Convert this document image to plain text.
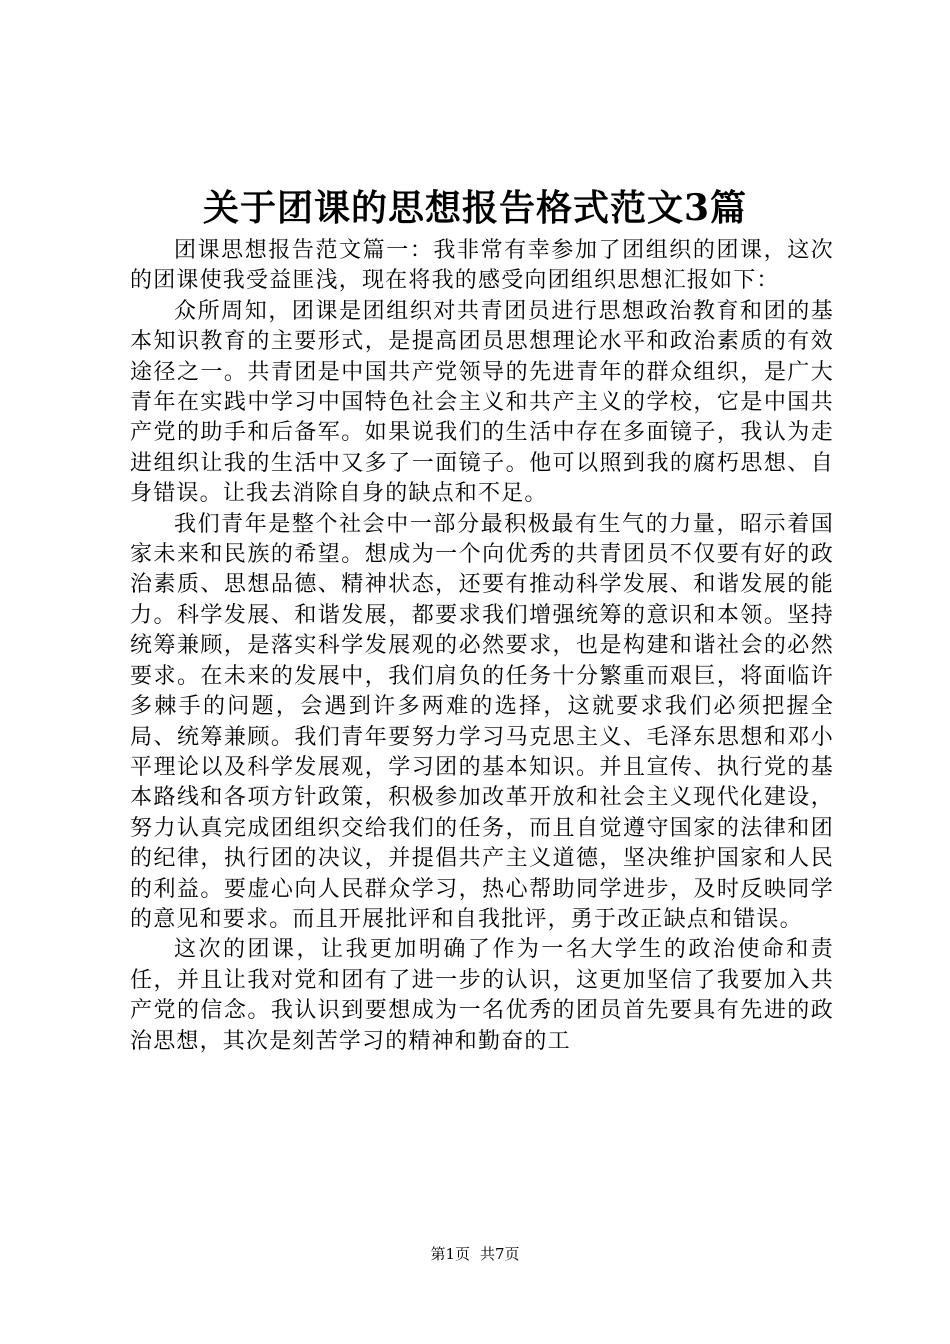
关于团课的思想报告格式范文3篇

团课思想报告范文篇一：我非常有幸参加了团组织的团课，这次的团课使我受益匪浅，现在将我的感受向团组织思想汇报如下：

众所周知，团课是团组织对共青团员进行思想政治教育和团的基本知识教育的主要形式，是提高团员思想理论水平和政治素质的有效途径之一。共青团是中国共产党领导的先进青年的群众组织，是广大青年在实践中学习中国特色社会主义和共产主义的学校，它是中国共产党的助手和后备军。如果说我们的生活中存在多面镜子，我认为走进组织让我的生活中又多了一面镜子。他可以照到我的腐朽思想、自身错误。让我去消除自身的缺点和不足。

我们青年是整个社会中一部分最积极最有生气的力量，昭示着国家未来和民族的希望。想成为一个向优秀的共青团员不仅要有好的政治素质、思想品德、精神状态，还要有推动科学发展、和谐发展的能力。科学发展、和谐发展，都要求我们增强统筹的意识和本领。坚持统筹兼顾，是落实科学发展观的必然要求，也是构建和谐社会的必然要求。在未来的发展中，我们肩负的任务十分繁重而艰巨，将面临许多棘手的问题，会遇到许多两难的选择，这就要求我们必须把握全局、统筹兼顾。我们青年要努力学习马克思主义、毛泽东思想和邓小平理论以及科学发展观，学习团的基本知识。并且宣传、执行党的基本路线和各项方针政策，积极参加改革开放和社会主义现代化建设，努力认真完成团组织交给我们的任务，而且自觉遵守国家的法律和团的纪律，执行团的决议，并提倡共产主义道德，坚决维护国家和人民的利益。要虚心向人民群众学习，热心帮助同学进步，及时反映同学的意见和要求。而且开展批评和自我批评，勇于改正缺点和错误。

这次的团课，让我更加明确了作为一名大学生的政治使命和责任，并且让我对党和团有了进一步的认识，这更加坚信了我要加入共产党的信念。我认识到要想成为一名优秀的团员首先要具有先进的政治思想，其次是刻苦学习的精神和勤奋的工

第1页 共7页
